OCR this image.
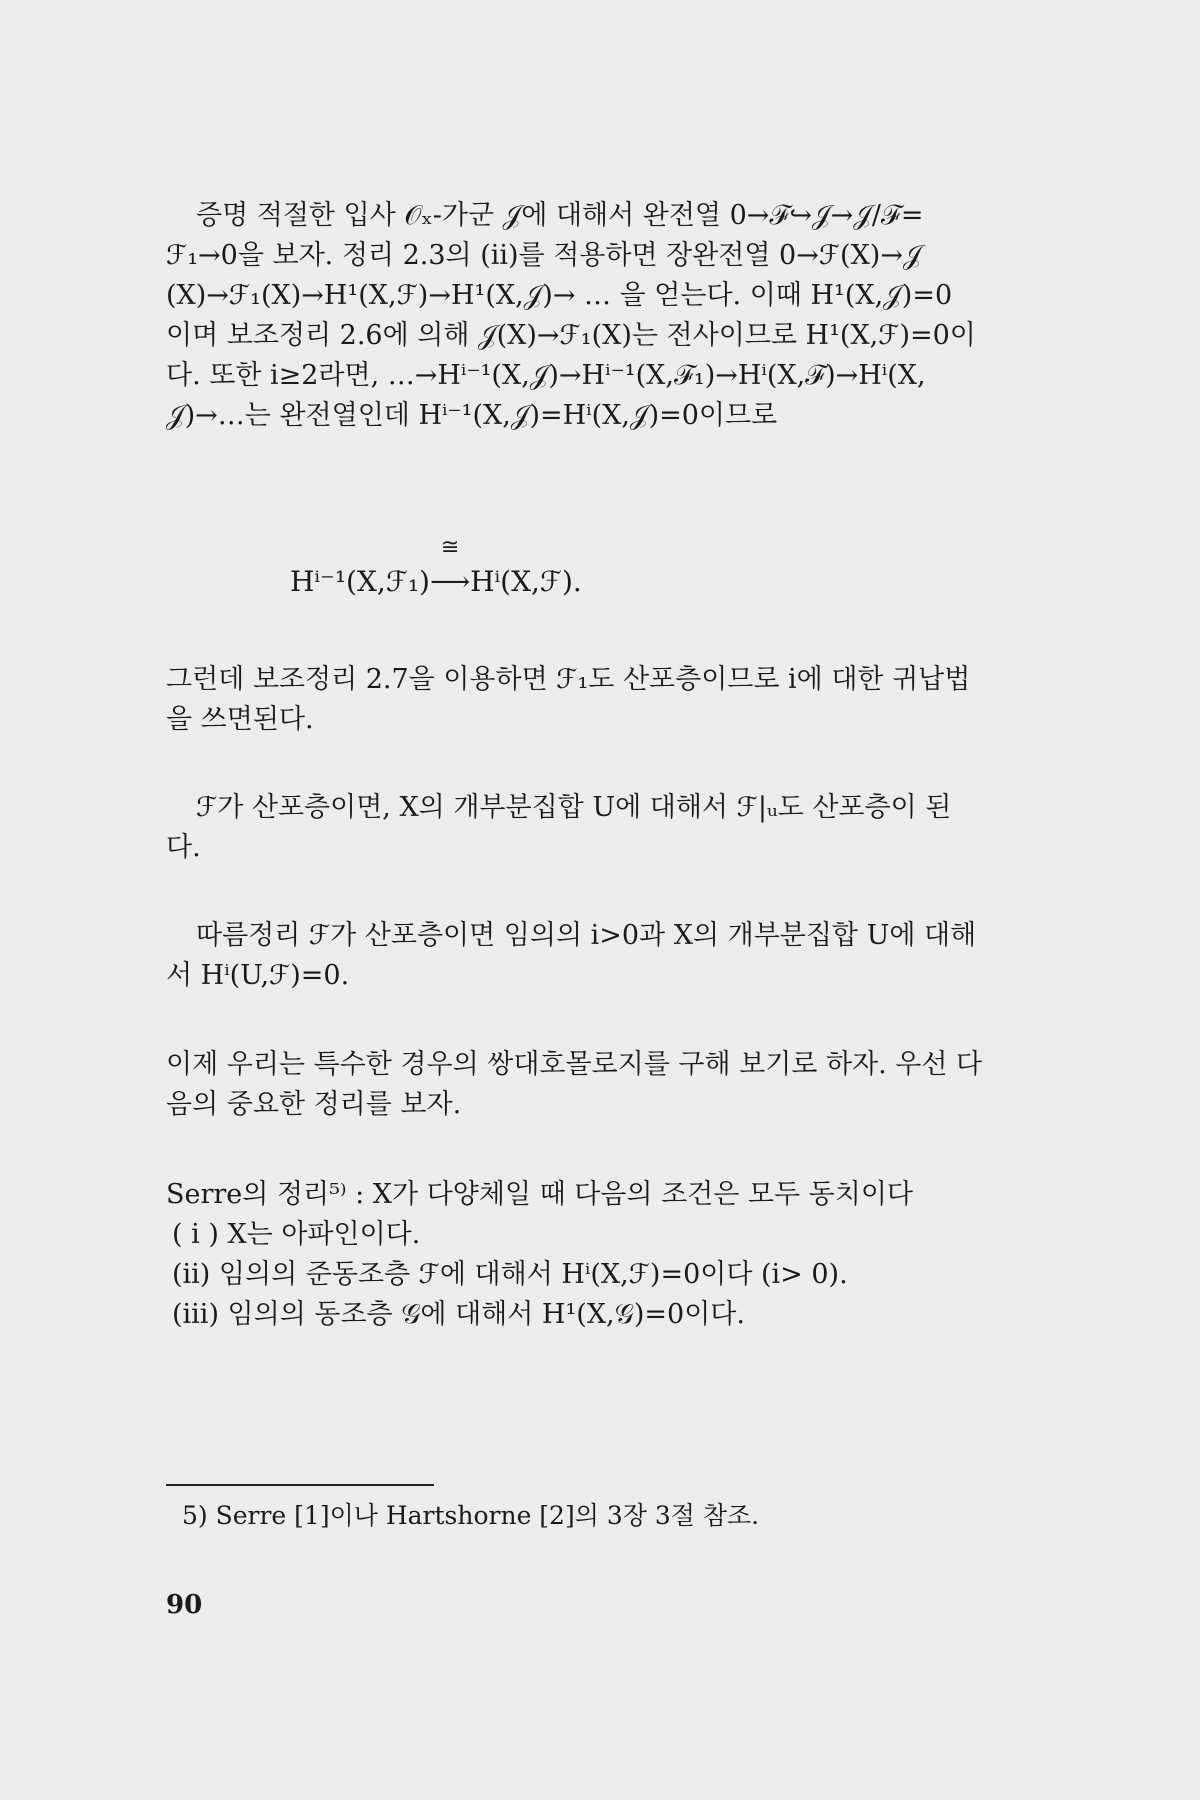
증명 적절한 입사 𝒪ₓ-가군 𝒥에 대해서 완전열 0→ℱ↪𝒥→𝒥/ℱ=

ℱ₁→0을 보자. 정리 2.3의 (ii)를 적용하면 장완전열 0→ℱ(X)→𝒥

(X)→ℱ₁(X)→H¹(X,ℱ)→H¹(X,𝒥)→ … 을 얻는다. 이때 H¹(X,𝒥)=0

이며 보조정리 2.6에 의해 𝒥(X)→ℱ₁(X)는 전사이므로 H¹(X,ℱ)=0이

다. 또한 i≥2라면, …→Hⁱ⁻¹(X,𝒥)→Hⁱ⁻¹(X,ℱ₁)→Hⁱ(X,ℱ)→Hⁱ(X,

𝒥)→…는 완전열인데 Hⁱ⁻¹(X,𝒥)=Hⁱ(X,𝒥)=0이므로

Hⁱ⁻¹(X,ℱ₁)
≅
⟶Hⁱ(X,ℱ).

그런데 보조정리 2.7을 이용하면 ℱ₁도 산포층이므로 i에 대한 귀납법

을 쓰면된다.

ℱ가 산포층이면, X의 개부분집합 U에 대해서 ℱ|ᵤ도 산포층이 된

다.

따름정리 ℱ가 산포층이면 임의의 i>0과 X의 개부분집합 U에 대해

서 Hⁱ(U,ℱ)=0.

이제 우리는 특수한 경우의 쌍대호몰로지를 구해 보기로 하자. 우선 다

음의 중요한 정리를 보자.

Serre의 정리⁵⁾ : X가 다양체일 때 다음의 조건은 모두 동치이다

( i ) X는 아파인이다.

(ii) 임의의 준동조층 ℱ에 대해서 Hⁱ(X,ℱ)=0이다 (i> 0).

(iii) 임의의 동조층 𝒢에 대해서 H¹(X,𝒢)=0이다.

5) Serre [1]이나 Hartshorne [2]의 3장 3절 참조.
90
